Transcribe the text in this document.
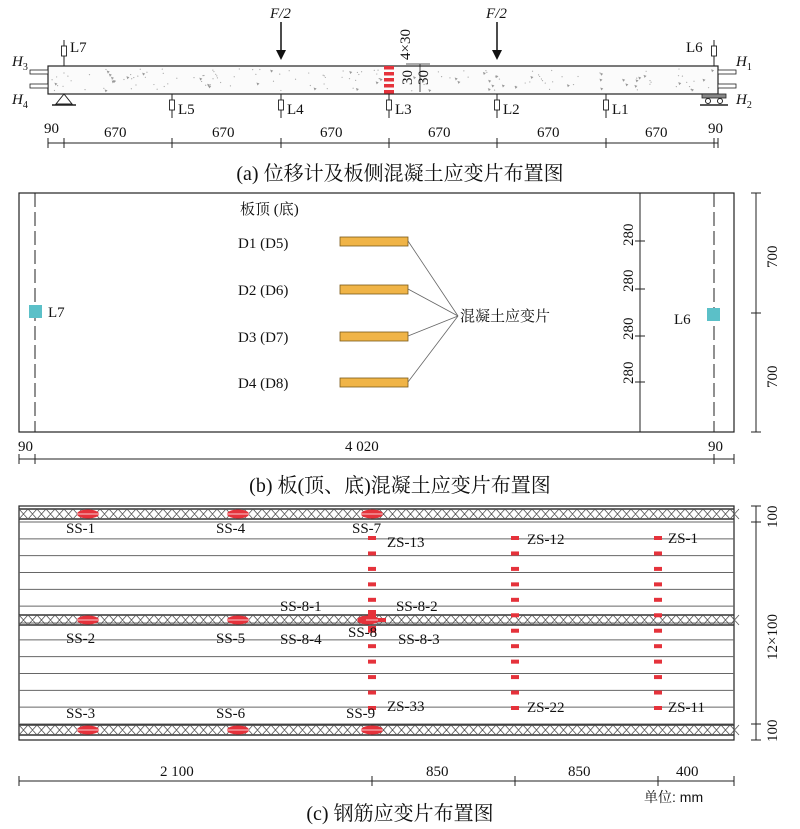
4×30
30 30
F/2	F/2
L7	L6
L5	L4	L3	L2	L1
$H_3$
$H_4$
$H_1$
$H_2$
90	670	670	670	670	670	670	90
(a) 位移计及板侧混凝土应变片布置图
板顶 (底)
D1 (D5)
D2 (D6)
D3 (D7)
D4 (D8)
混凝土应变片
L7	L6
280
280
280
280
700
700
90	4 020	90
(b) 板(顶、底)混凝土应变片布置图
SS-1	SS-4	SS-7
SS-2	SS-5	SS-8
SS-3	SS-6	SS-9
SS-8-1	SS-8-2
SS-8-4	SS-8-3
ZS-13	ZS-12	ZS-1
ZS-33	ZS-22	ZS-11
100
12×100
100
2 100	850	850	400
单位: mm
(c) 钢筋应变片布置图
